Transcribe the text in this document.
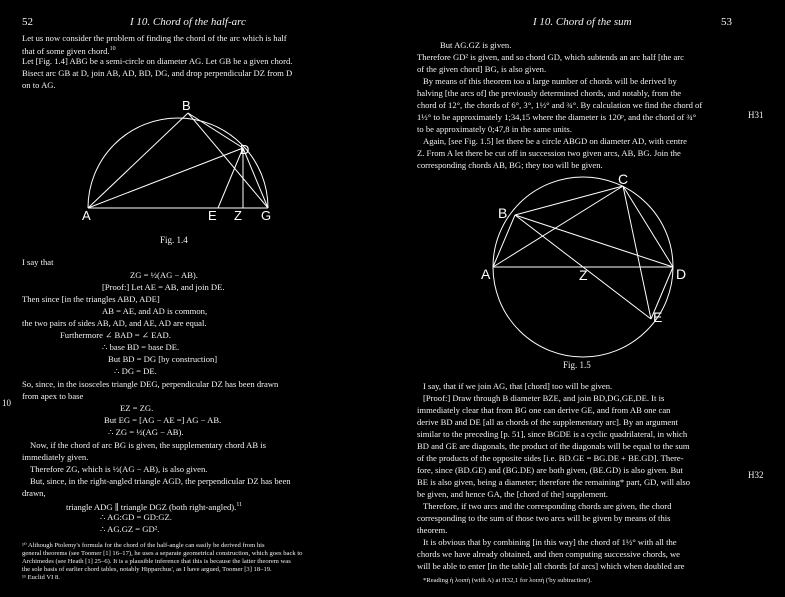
52	I 10. Chord of the half-arc
Let us now consider the problem of finding the chord of the arc which is half
that of some given chord.$^{10}$
Let [Fig. 1.4] ABG be a semi-circle on diameter AG. Let GB be a given chord.
Bisect arc GB at D, join AB, AD, BD, DG, and drop perpendicular DZ from D
on to AG.
A
B
D
E Z G
Fig. 1.4
I say that
ZG = ½(AG − AB).
[Proof:] Let AE = AB, and join DE.
Then since [in the triangles ABD, ADE]
AB = AE, and AD is common,
the two pairs of sides AB, AD, and AE, AD are equal.
Furthermore ∠ BAD = ∠ EAD.
∴ base BD = base DE.
But BD = DG [by construction]
∴ DG = DE.
So, since, in the isosceles triangle DEG, perpendicular DZ has been drawn
from apex to base
EZ = ZG.
But EG = [AG − AE =] AG − AB.
∴ ZG = ½(AG − AB).
Now, if the chord of arc BG is given, the supplementary chord AB is
immediately given.
Therefore ZG, which is ½(AG − AB), is also given.
But, since, in the right-angled triangle AGD, the perpendicular DZ has been
drawn,
triangle ADG ∥ triangle DGZ (both right-angled).$^{11}$
∴ AG:GD = GD:GZ.
∴ AG.GZ = GD².
10
¹⁰ Although Ptolemy's formula for the chord of the half-angle can easily be derived from his
general theorems (see Toomer [1] 16–17), he uses a separate geometrical construction, which goes back to
Archimedes (see Heath [1] 25–6). It is a plausible inference that this is because the latter theorem was
the sole basis of earlier chord tables, notably Hipparchus', as I have argued, Toomer [3] 18–19.
¹¹ Euclid VI 8.
I 10. Chord of the sum	53
But AG.GZ is given.
Therefore GD² is given, and so chord GD, which subtends an arc half [the arc
of the given chord] BG, is also given.
By means of this theorem too a large number of chords will be derived by
halving [the arcs of] the previously determined chords, and notably, from the
chord of 12°, the chords of 6°, 3°, 1½° and ¾°. By calculation we find the chord of
1½° to be approximately 1;34,15 where the diameter is 120ᵖ, and the chord of ¾°
to be approximately 0;47,8 in the same units.
Again, [see Fig. 1.5] let there be a circle ABGD on diameter AD, with centre
Z. From A let there be cut off in succession two given arcs, AB, BG. Join the
corresponding chords AB, BG; they too will be given.
H31
A
B
C
D
E
Z
Fig. 1.5
I say, that if we join AG, that [chord] too will be given.
[Proof:] Draw through B diameter BZE, and join BD,DG,GE,DE. It is
immediately clear that from BG one can derive GE, and from AB one can
derive BD and DE [all as chords of the supplementary arc]. By an argument
similar to the preceding [p. 51], since BGDE is a cyclic quadrilateral, in which
BD and GE are diagonals, the product of the diagonals will be equal to the sum
of the products of the opposite sides [i.e. BD.GE = BG.DE + BE.GD]. There-
fore, since (BD.GE) and (BG.DE) are both given, (BE.GD) is also given. But
BE is also given, being a diameter; therefore the remaining* part, GD, will also
be given, and hence GA, the [chord of the] supplement.
Therefore, if two arcs and the corresponding chords are given, the chord
corresponding to the sum of those two arcs will be given by means of this
theorem.
It is obvious that by combining [in this way] the chord of 1½° with all the
chords we have already obtained, and then computing successive chords, we
will be able to enter [in the table] all chords [of arcs] which when doubled are
H32
*Reading ἡ λοιπὴ (with A) at H32,1 for λοιπὴ ('by subtraction').
